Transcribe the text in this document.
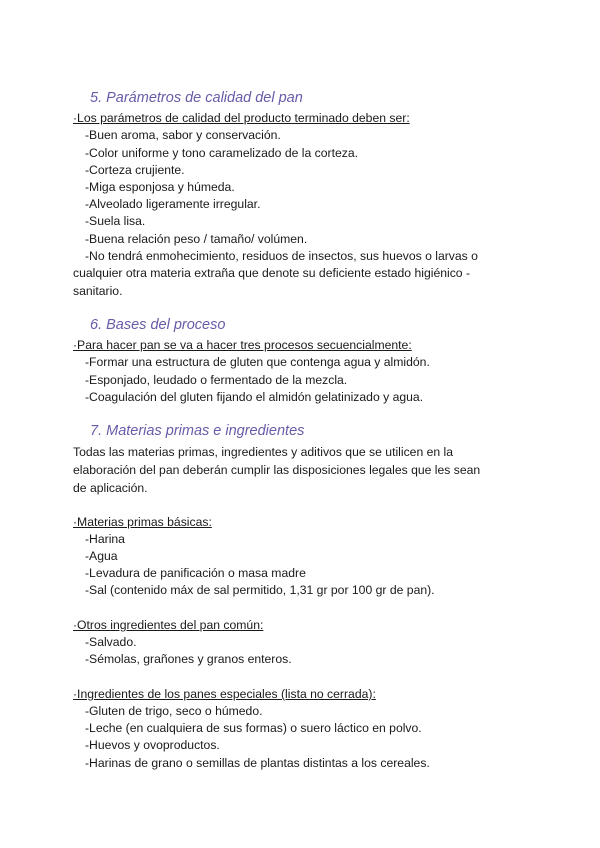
5. Parámetros de calidad del pan
·Los parámetros de calidad del producto terminado deben ser:
-Buen aroma, sabor y conservación.
-Color uniforme y tono caramelizado de la corteza.
-Corteza crujiente.
-Miga esponjosa y húmeda.
-Alveolado ligeramente irregular.
-Suela lisa.
-Buena relación peso / tamaño/ volúmen.
-No tendrá enmohecimiento, residuos de insectos, sus huevos o larvas o
cualquier otra materia extraña que denote su deficiente estado higiénico -
sanitario.
6. Bases del proceso
·Para hacer pan se va a hacer tres procesos secuencialmente:
-Formar una estructura de gluten que contenga agua y almidón.
-Esponjado, leudado o fermentado de la mezcla.
-Coagulación del gluten fijando el almidón gelatinizado y agua.
7. Materias primas e ingredientes
Todas las materias primas, ingredientes y aditivos que se utilicen en la
elaboración del pan deberán cumplir las disposiciones legales que les sean
de aplicación.
·Materias primas básicas:
-Harina
-Agua
-Levadura de panificación o masa madre
-Sal (contenido máx de sal permitido, 1,31 gr por 100 gr de pan).
·Otros ingredientes del pan común:
-Salvado.
-Sémolas, grañones y granos enteros.
·Ingredientes de los panes especiales (lista no cerrada):
-Gluten de trigo, seco o húmedo.
-Leche (en cualquiera de sus formas) o suero láctico en polvo.
-Huevos y ovoproductos.
-Harinas de grano o semillas de plantas distintas a los cereales.
